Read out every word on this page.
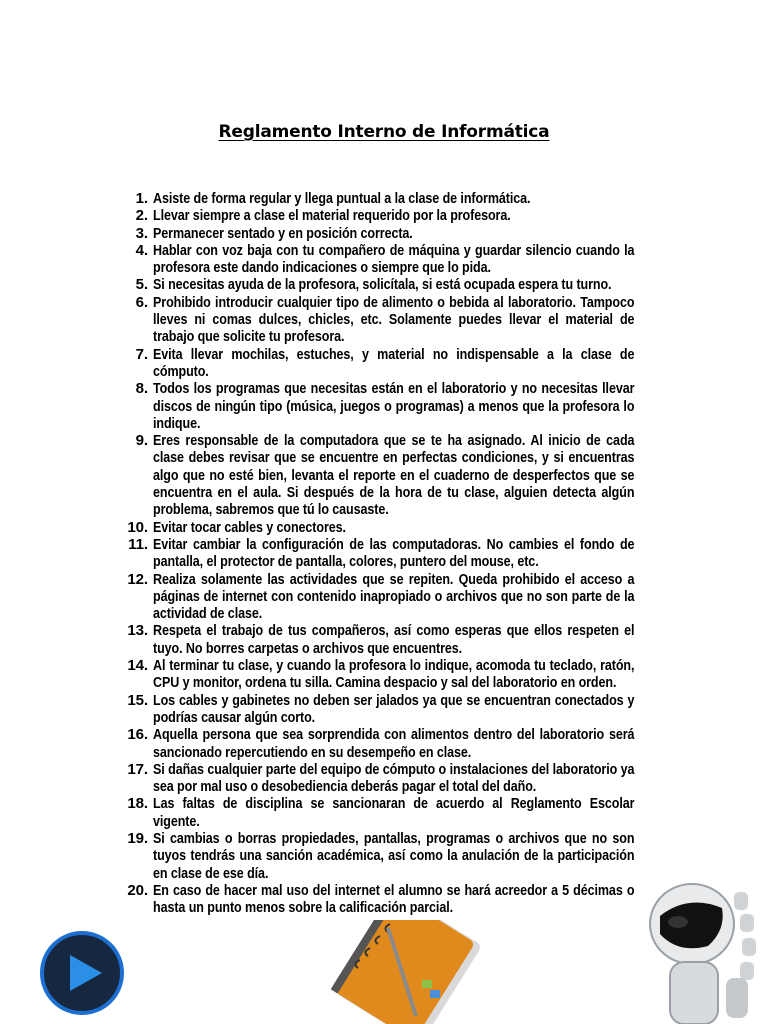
Reglamento Interno de Informática
1. Asiste de forma regular y llega puntual a la clase de informática.
2. Llevar siempre a clase el material requerido por la profesora.
3. Permanecer sentado y en posición correcta.
4. Hablar con voz baja con tu compañero de máquina y guardar silencio cuando la profesora este dando indicaciones o siempre que lo pida.
5. Si necesitas ayuda de la profesora, solicítala, si está ocupada espera tu turno.
6. Prohibido introducir cualquier tipo de alimento o bebida al laboratorio. Tampoco lleves ni comas dulces, chicles, etc. Solamente puedes llevar el material de trabajo que solicite tu profesora.
7. Evita llevar mochilas, estuches, y material no indispensable a la clase de cómputo.
8. Todos los programas que necesitas están en el laboratorio y no necesitas llevar discos de ningún tipo (música, juegos o programas) a menos que la profesora lo indique.
9. Eres responsable de la computadora que se te ha asignado. Al inicio de cada clase debes revisar que se encuentre en perfectas condiciones, y si encuentras algo que no esté bien, levanta el reporte en el cuaderno de desperfectos que se encuentra en el aula. Si después de la hora de tu clase, alguien detecta algún problema, sabremos que tú lo causaste.
10. Evitar tocar cables y conectores.
11. Evitar cambiar la configuración de las computadoras. No cambies el fondo de pantalla, el protector de pantalla, colores, puntero del mouse, etc.
12. Realiza solamente las actividades que se repiten. Queda prohibido el acceso a páginas de internet con contenido inapropiado o archivos que no son parte de la actividad de clase.
13. Respeta el trabajo de tus compañeros, así como esperas que ellos respeten el tuyo. No borres carpetas o archivos que encuentres.
14. Al terminar tu clase, y cuando la profesora lo indique, acomoda tu teclado, ratón, CPU y monitor, ordena tu silla. Camina despacio y sal del laboratorio en orden.
15. Los cables y gabinetes no deben ser jalados ya que se encuentran conectados y podrías causar algún corto.
16. Aquella persona que sea sorprendida con alimentos dentro del laboratorio será sancionado repercutiendo en su desempeño en clase.
17. Si dañas cualquier parte del equipo de cómputo o instalaciones del laboratorio ya sea por mal uso o desobediencia deberás pagar el total del daño.
18. Las faltas de disciplina se sancionaran de acuerdo al Reglamento Escolar vigente.
19. Si cambias o borras propiedades, pantallas, programas o archivos que no son tuyos tendrás una sanción académica, así como la anulación de la participación en clase de ese día.
20. En caso de hacer mal uso del internet el alumno se hará acreedor a 5 décimas o hasta un punto menos sobre la calificación parcial.
